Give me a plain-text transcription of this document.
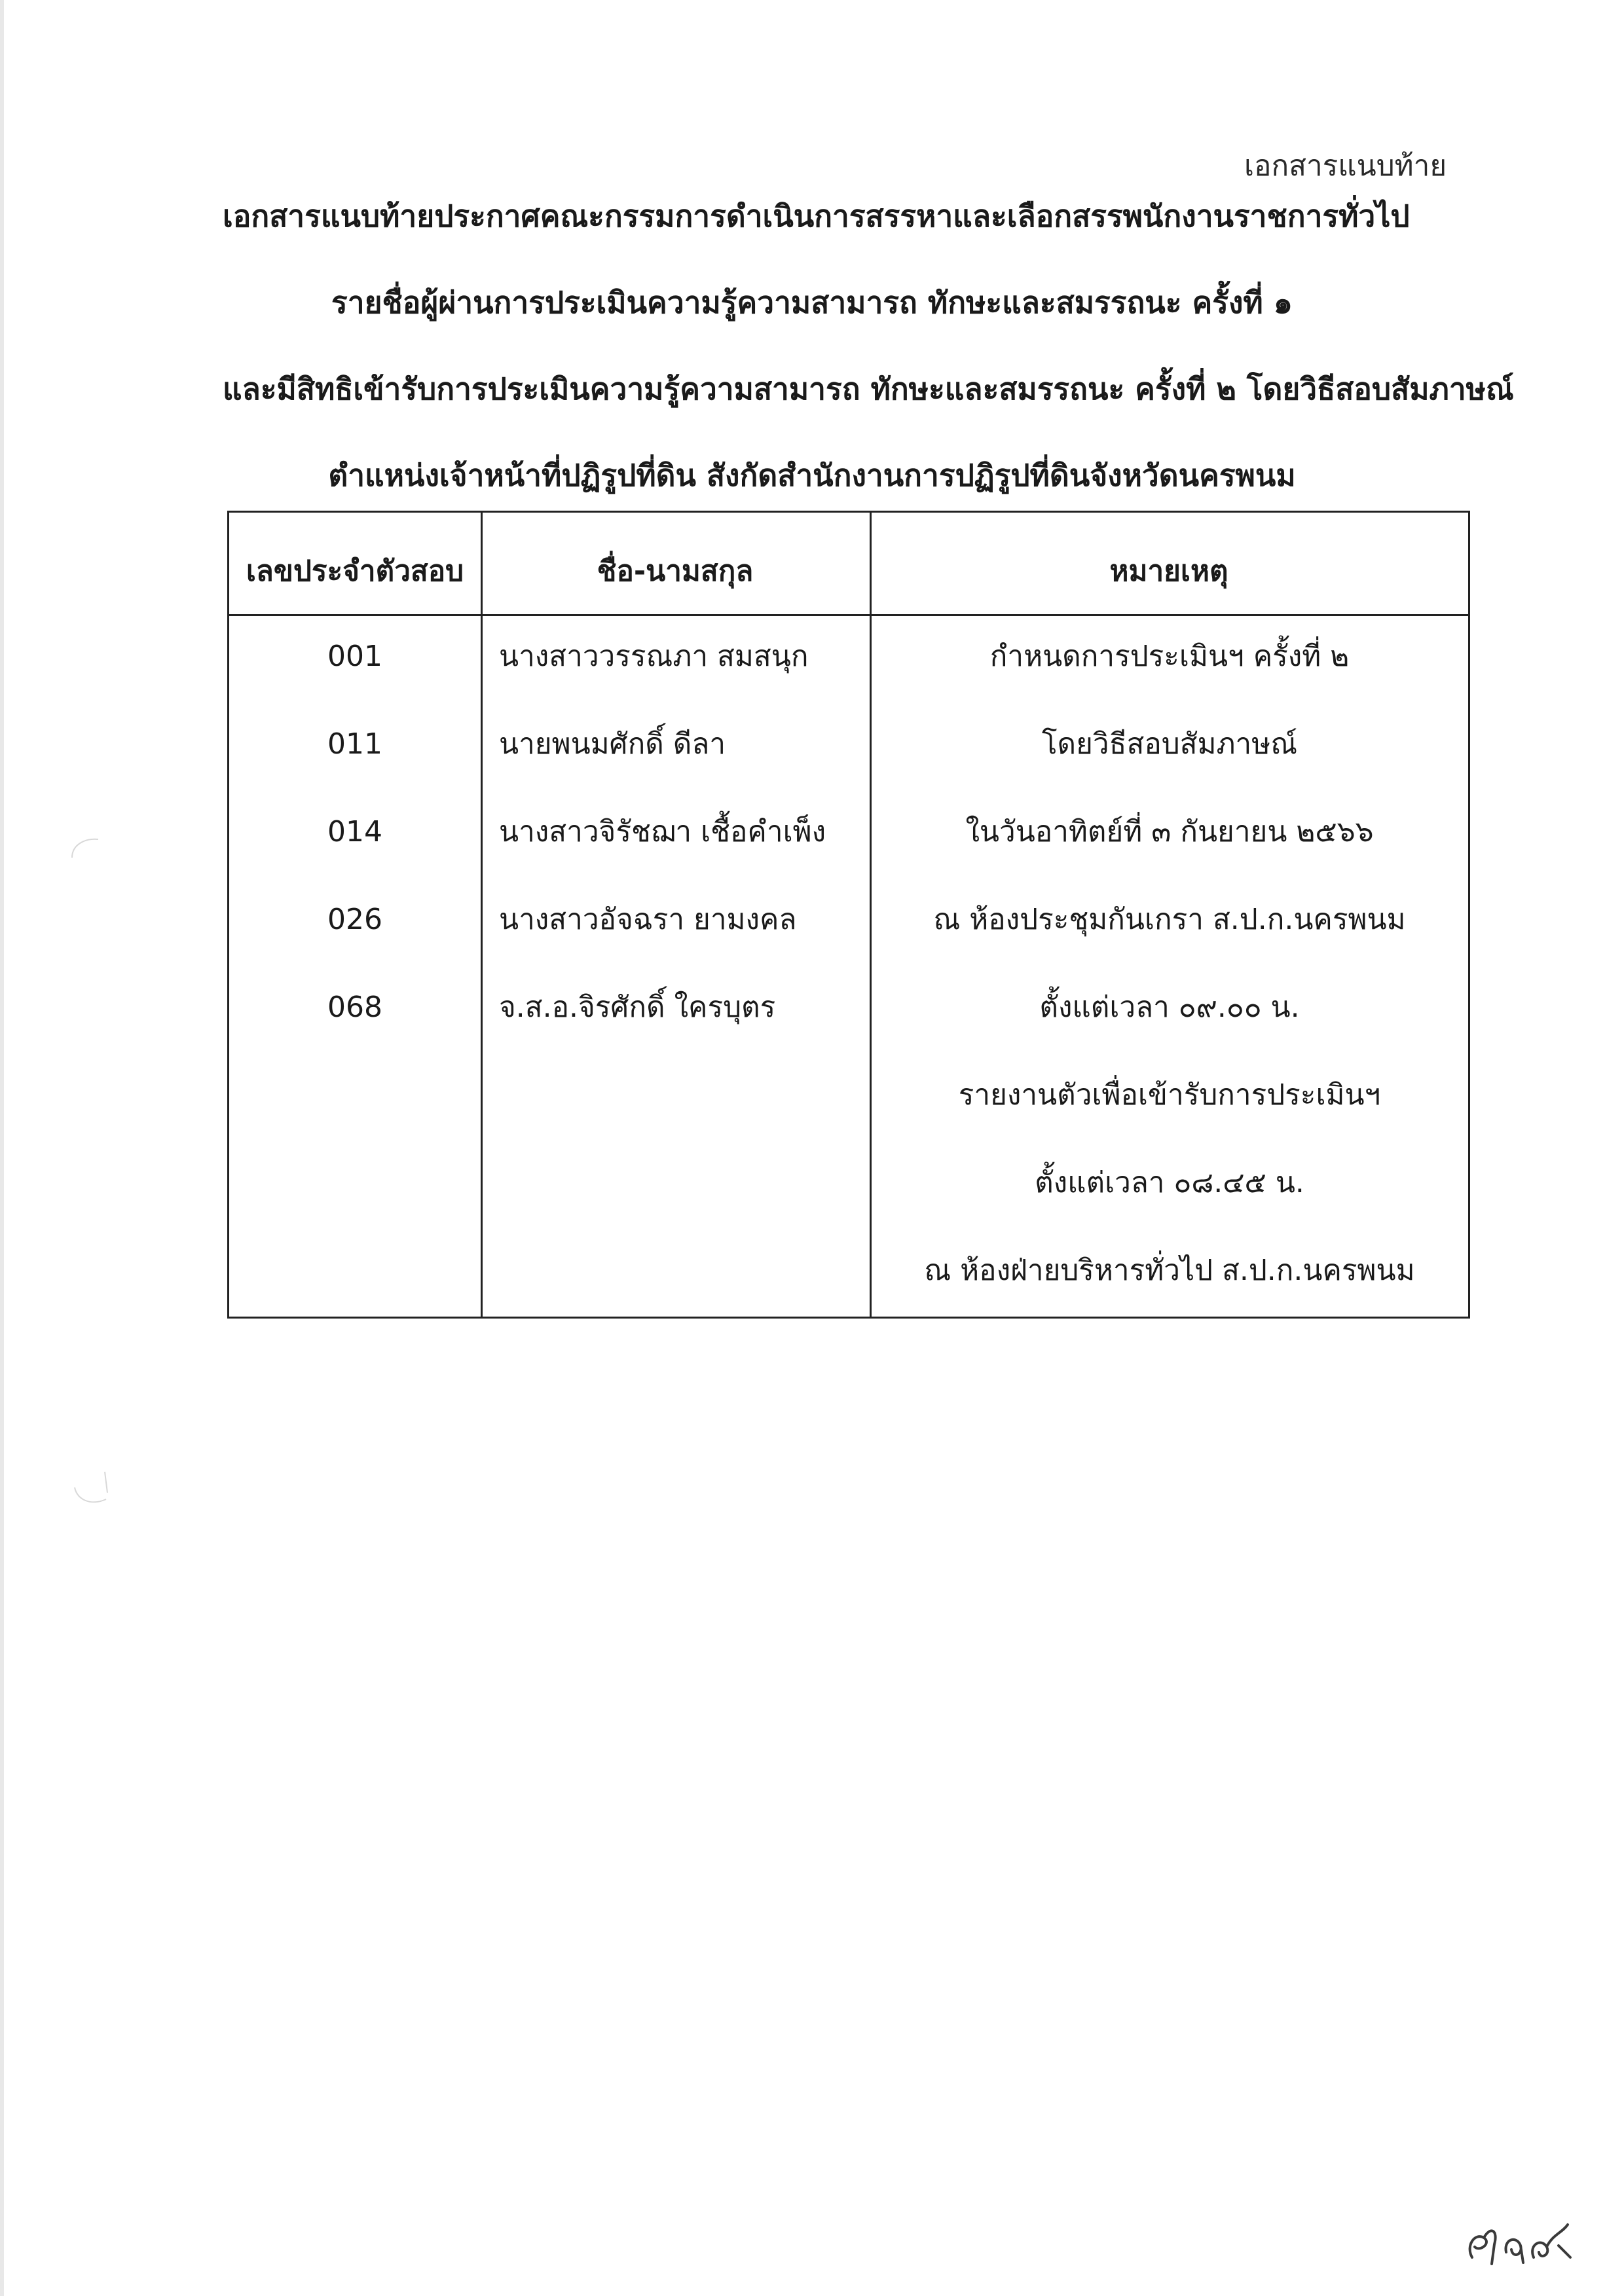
เอกสารแนบท้าย
เอกสารแนบท้ายประกาศคณะกรรมการดำเนินการสรรหาและเลือกสรรพนักงานราชการทั่วไป
รายชื่อผู้ผ่านการประเมินความรู้ความสามารถ ทักษะและสมรรถนะ ครั้งที่ ๑
และมีสิทธิเข้ารับการประเมินความรู้ความสามารถ ทักษะและสมรรถนะ ครั้งที่ ๒ โดยวิธีสอบสัมภาษณ์
ตำแหน่งเจ้าหน้าที่ปฏิรูปที่ดิน สังกัดสำนักงานการปฏิรูปที่ดินจังหวัดนครพนม
เลขประจำตัวสอบ	ชื่อ-นามสกุล	หมายเหตุ
001	นางสาววรรณภา สมสนุก
011	นายพนมศักดิ์ ดีลา
014	นางสาวจิรัชฌา เชื้อคำเพ็ง
026	นางสาวอัจฉรา ยามงคล
068	จ.ส.อ.จิรศักดิ์ ใครบุตร
กำหนดการประเมินฯ ครั้งที่ ๒
โดยวิธีสอบสัมภาษณ์
ในวันอาทิตย์ที่ ๓ กันยายน ๒๕๖๖
ณ ห้องประชุมกันเกรา ส.ป.ก.นครพนม
ตั้งแต่เวลา ๐๙.๐๐ น.
รายงานตัวเพื่อเข้ารับการประเมินฯ
ตั้งแต่เวลา ๐๘.๔๕ น.
ณ ห้องฝ่ายบริหารทั่วไป ส.ป.ก.นครพนม
